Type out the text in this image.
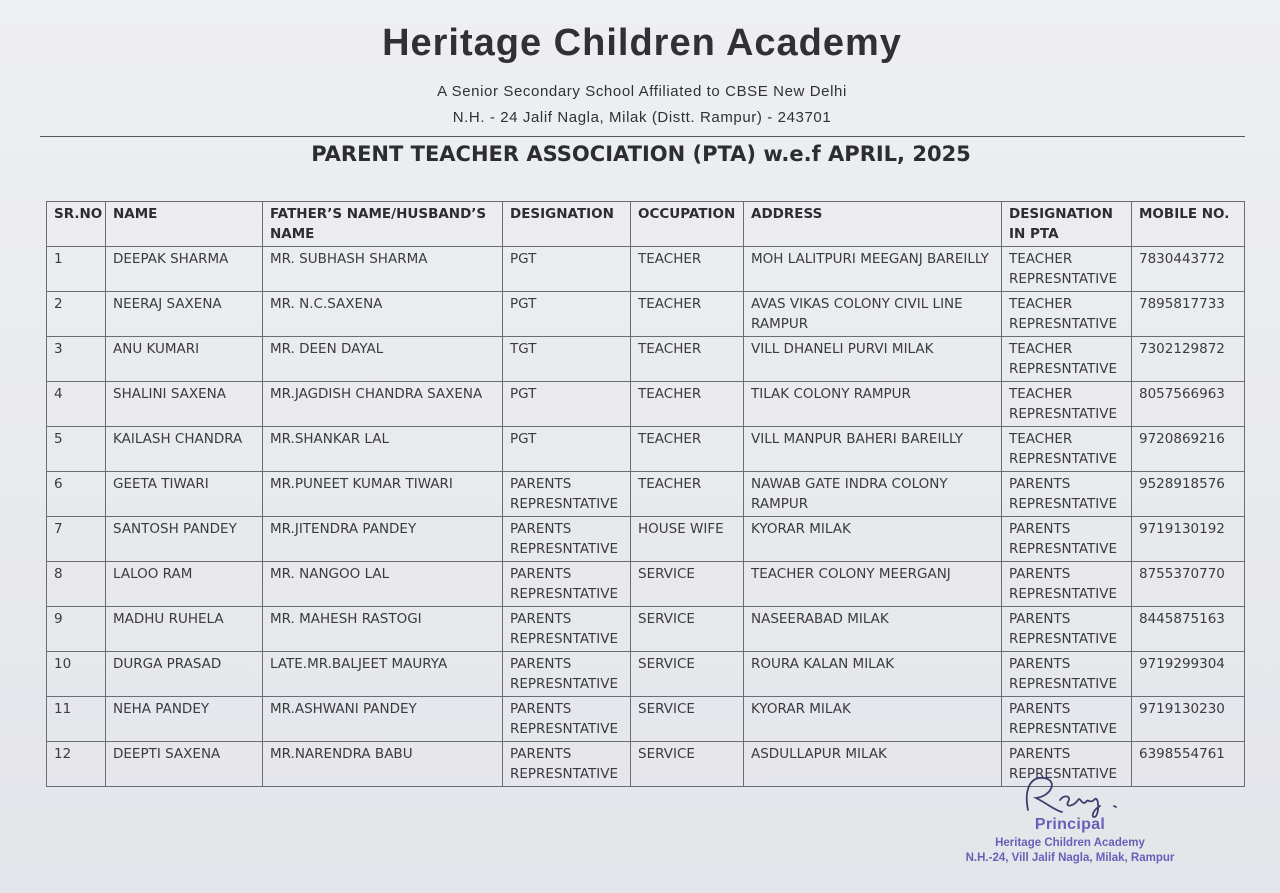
Heritage Children Academy
A Senior Secondary School Affiliated to CBSE New Delhi
N.H. - 24 Jalif Nagla, Milak (Distt. Rampur) - 243701
PARENT TEACHER ASSOCIATION (PTA) w.e.f APRIL, 2025
SR.NO	NAME	FATHER’S NAME/HUSBAND’S NAME	DESIGNATION	OCCUPATION	ADDRESS	DESIGNATION IN PTA	MOBILE NO.
1	DEEPAK SHARMA	MR. SUBHASH SHARMA	PGT	TEACHER	MOH LALITPURI MEEGANJ BAREILLY	TEACHER REPRESNTATIVE	7830443772
2	NEERAJ SAXENA	MR. N.C.SAXENA	PGT	TEACHER	AVAS VIKAS COLONY CIVIL LINE RAMPUR	TEACHER REPRESNTATIVE	7895817733
3	ANU KUMARI	MR. DEEN DAYAL	TGT	TEACHER	VILL DHANELI PURVI MILAK	TEACHER REPRESNTATIVE	7302129872
4	SHALINI SAXENA	MR.JAGDISH CHANDRA SAXENA	PGT	TEACHER	TILAK COLONY RAMPUR	TEACHER REPRESNTATIVE	8057566963
5	KAILASH CHANDRA	MR.SHANKAR LAL	PGT	TEACHER	VILL MANPUR BAHERI BAREILLY	TEACHER REPRESNTATIVE	9720869216
6	GEETA TIWARI	MR.PUNEET KUMAR TIWARI	PARENTS REPRESNTATIVE	TEACHER	NAWAB GATE INDRA COLONY RAMPUR	PARENTS REPRESNTATIVE	9528918576
7	SANTOSH PANDEY	MR.JITENDRA PANDEY	PARENTS REPRESNTATIVE	HOUSE WIFE	KYORAR MILAK	PARENTS REPRESNTATIVE	9719130192
8	LALOO RAM	MR. NANGOO LAL	PARENTS REPRESNTATIVE	SERVICE	TEACHER COLONY MEERGANJ	PARENTS REPRESNTATIVE	8755370770
9	MADHU RUHELA	MR. MAHESH RASTOGI	PARENTS REPRESNTATIVE	SERVICE	NASEERABAD MILAK	PARENTS REPRESNTATIVE	8445875163
10	DURGA PRASAD	LATE.MR.BALJEET MAURYA	PARENTS REPRESNTATIVE	SERVICE	ROURA KALAN MILAK	PARENTS REPRESNTATIVE	9719299304
11	NEHA PANDEY	MR.ASHWANI PANDEY	PARENTS REPRESNTATIVE	SERVICE	KYORAR MILAK	PARENTS REPRESNTATIVE	9719130230
12	DEEPTI SAXENA	MR.NARENDRA BABU	PARENTS REPRESNTATIVE	SERVICE	ASDULLAPUR MILAK	PARENTS REPRESNTATIVE	6398554761
Principal
Heritage Children Academy
N.H.-24, Vill Jalif Nagla, Milak, Rampur
